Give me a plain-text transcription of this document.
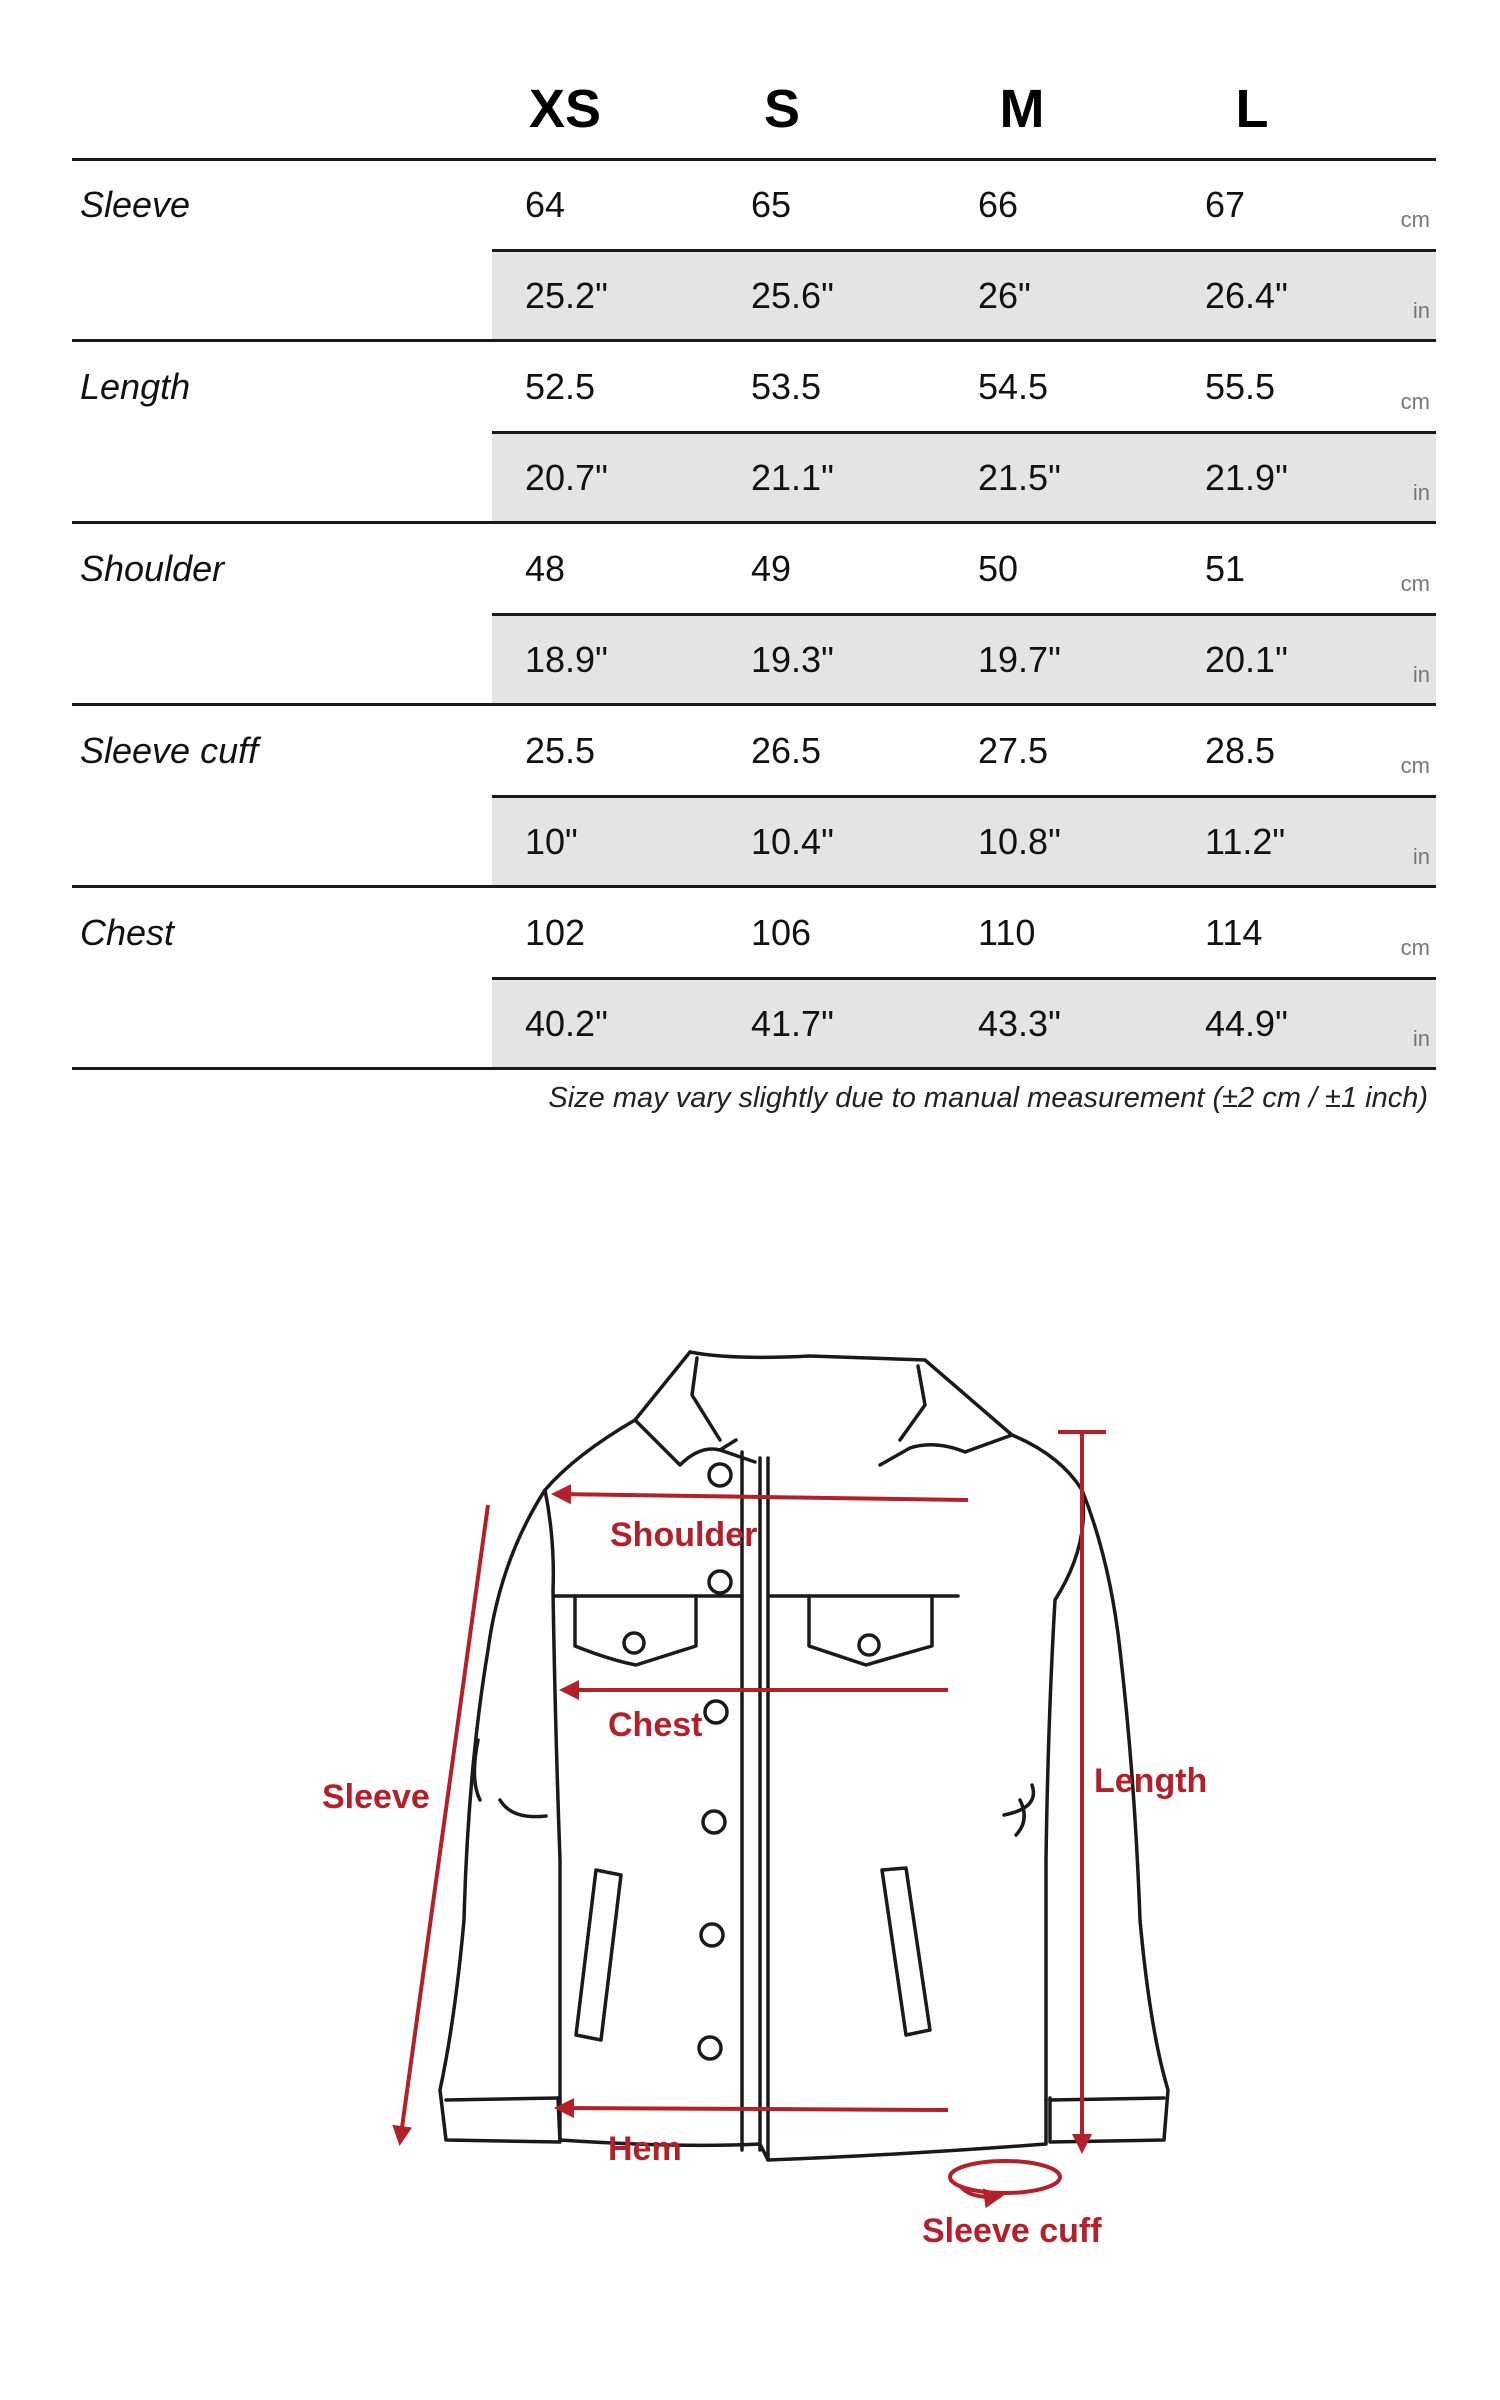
XS	S	M	L
Sleeve	64	65	66	67	cm
25.2"	25.6"	26"	26.4"	in
Length	52.5	53.5	54.5	55.5	cm
20.7"	21.1"	21.5"	21.9"	in
Shoulder	48	49	50	51	cm
18.9"	19.3"	19.7"	20.1"	in
Sleeve cuff	25.5	26.5	27.5	28.5	cm
10"	10.4"	10.8"	11.2"	in
Chest	102	106	110	114	cm
40.2"	41.7"	43.3"	44.9"	in
Size may vary slightly due to manual measurement (±2 cm / ±1 inch)
Shoulder
Chest
Sleeve	Length
Hem
Sleeve cuff
